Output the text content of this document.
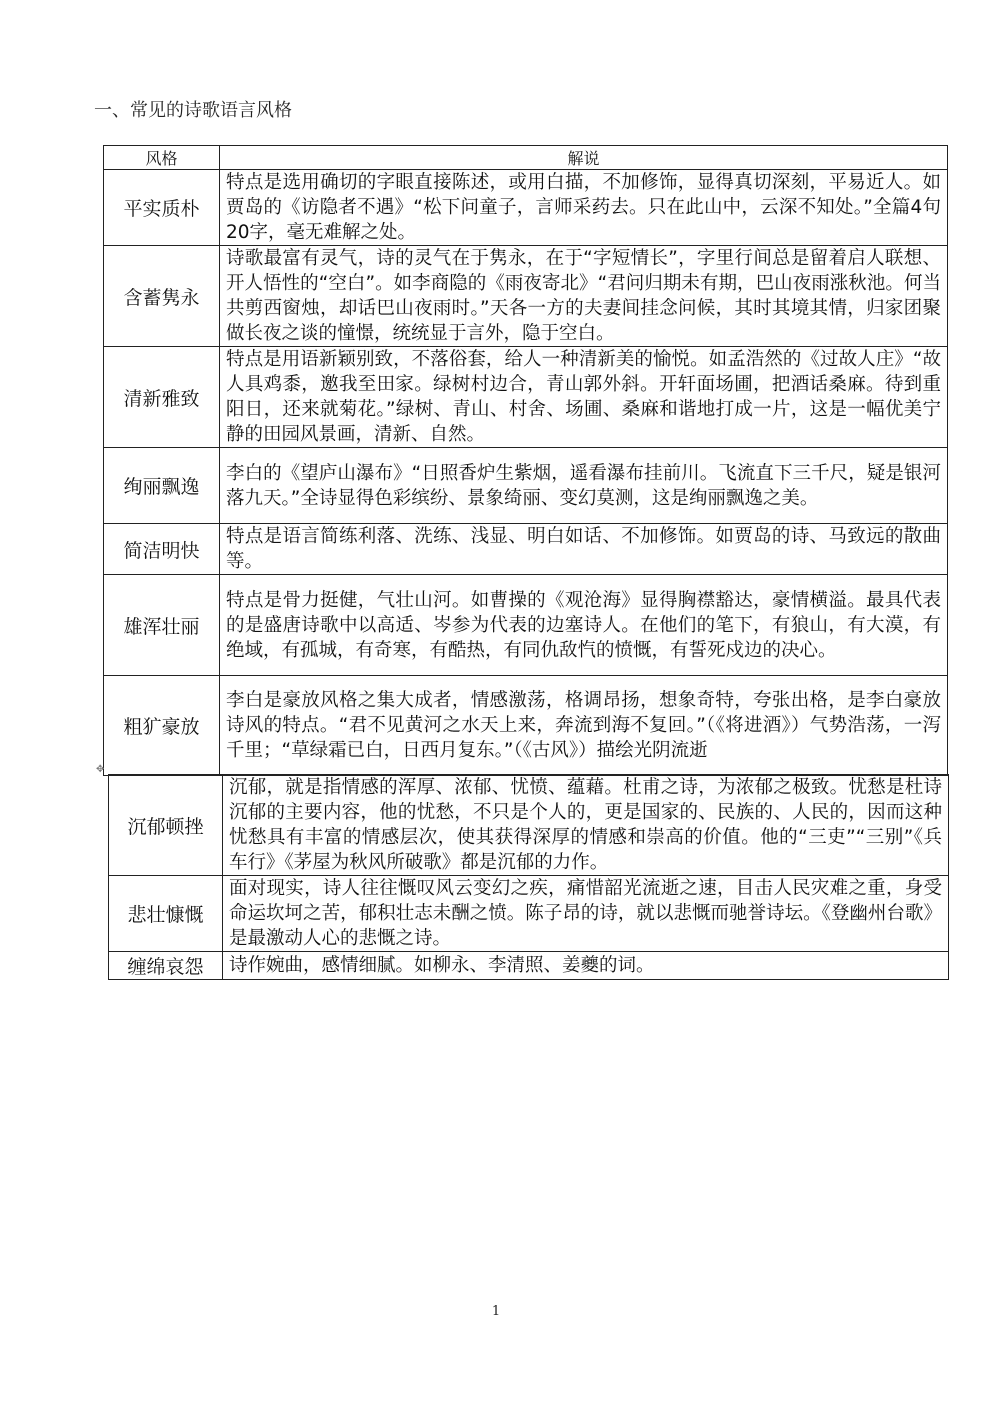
一、常见的诗歌语言风格
风格	解说
平实质朴	特点是选用确切的字眼直接陈述，或用白描，不加修饰，显得真切深刻，平易近人。如贾岛的《访隐者不遇》“松下问童子，言师采药去。只在此山中，云深不知处。”全篇4句20字，毫无难解之处。
含蓄隽永	诗歌最富有灵气，诗的灵气在于隽永，在于“字短情长”，字里行间总是留着启人联想、开人悟性的“空白”。如李商隐的《雨夜寄北》“君问归期未有期，巴山夜雨涨秋池。何当共剪西窗烛，却话巴山夜雨时。”天各一方的夫妻间挂念问候，其时其境其情，归家团聚做长夜之谈的憧憬，统统显于言外，隐于空白。
清新雅致	特点是用语新颖别致，不落俗套，给人一种清新美的愉悦。如孟浩然的《过故人庄》“故人具鸡黍，邀我至田家。绿树村边合，青山郭外斜。开轩面场圃，把酒话桑麻。待到重阳日，还来就菊花。”绿树、青山、村舍、场圃、桑麻和谐地打成一片，这是一幅优美宁静的田园风景画，清新、自然。
绚丽飘逸	李白的《望庐山瀑布》“日照香炉生紫烟，遥看瀑布挂前川。飞流直下三千尺，疑是银河落九天。”全诗显得色彩缤纷、景象绮丽、变幻莫测，这是绚丽飘逸之美。
简洁明快	特点是语言简练利落、洗练、浅显、明白如话、不加修饰。如贾岛的诗、马致远的散曲等。
雄浑壮丽	特点是骨力挺健，气壮山河。如曹操的《观沧海》显得胸襟豁达，豪情横溢。最具代表的是盛唐诗歌中以高适、岑参为代表的边塞诗人。在他们的笔下，有狼山，有大漠，有绝域，有孤城，有奇寒，有酷热，有同仇敌忾的愤慨，有誓死戍边的决心。
粗犷豪放	李白是豪放风格之集大成者，情感激荡，格调昂扬，想象奇特，夸张出格，是李白豪放诗风的特点。“君不见黄河之水天上来，奔流到海不复回。”（《将进酒》）气势浩荡，一泻千里；“草绿霜已白，日西月复东。”（《古风》）描绘光阴流逝
✥
沉郁顿挫	沉郁，就是指情感的浑厚、浓郁、忧愤、蕴藉。杜甫之诗，为浓郁之极致。忧愁是杜诗沉郁的主要内容，他的忧愁，不只是个人的，更是国家的、民族的、人民的，因而这种忧愁具有丰富的情感层次，使其获得深厚的情感和崇高的价值。他的“三吏”“三别”《兵车行》《茅屋为秋风所破歌》都是沉郁的力作。
悲壮慷慨	面对现实，诗人往往慨叹风云变幻之疾，痛惜韶光流逝之速，目击人民灾难之重，身受命运坎坷之苦，郁积壮志未酬之愤。陈子昂的诗，就以悲慨而驰誉诗坛。《登幽州台歌》是最激动人心的悲慨之诗。
缠绵哀怨	诗作婉曲，感情细腻。如柳永、李清照、姜夔的词。
1
